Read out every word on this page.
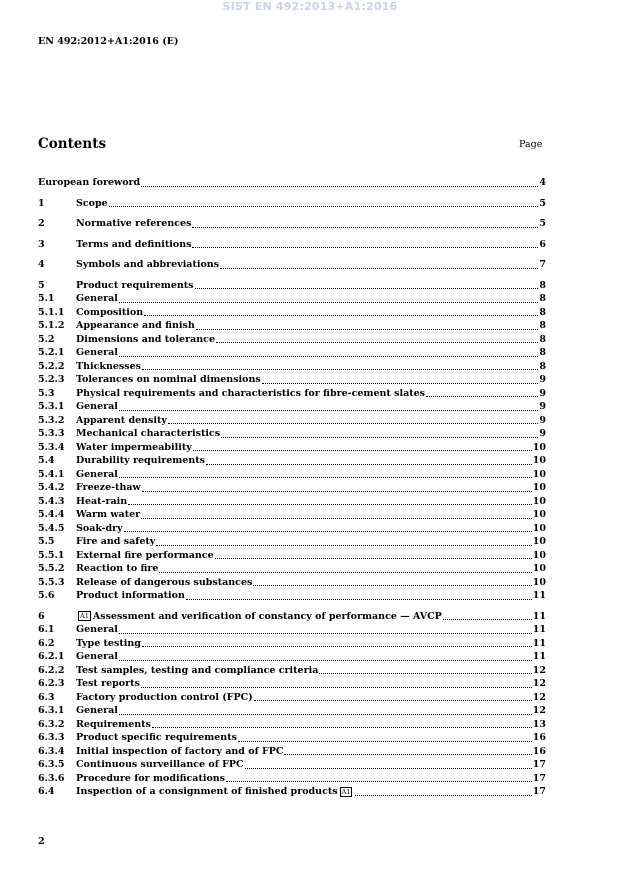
SIST EN 492:2013+A1:2016
EN 492:2012+A1:2016 (E)
Contents	Page
European foreword	4
1	Scope	5
2	Normative references	5
3	Terms and definitions	6
4	Symbols and abbreviations	7
5	Product requirements	8
5.1	General	8
5.1.1	Composition	8
5.1.2	Appearance and finish	8
5.2	Dimensions and tolerance	8
5.2.1	General	8
5.2.2	Thicknesses	8
5.2.3	Tolerances on nominal dimensions	9
5.3	Physical requirements and characteristics for fibre-cement slates	9
5.3.1	General	9
5.3.2	Apparent density	9
5.3.3	Mechanical characteristics	9
5.3.4	Water impermeability	10
5.4	Durability requirements	10
5.4.1	General	10
5.4.2	Freeze-thaw	10
5.4.3	Heat-rain	10
5.4.4	Warm water	10
5.4.5	Soak-dry	10
5.5	Fire and safety	10
5.5.1	External fire performance	10
5.5.2	Reaction to fire	10
5.5.3	Release of dangerous substances	10
5.6	Product information	11
6	A1 Assessment and verification of constancy of performance — AVCP	11
6.1	General	11
6.2	Type testing	11
6.2.1	General	11
6.2.2	Test samples, testing and compliance criteria	12
6.2.3	Test reports	12
6.3	Factory production control (FPC)	12
6.3.1	General	12
6.3.2	Requirements	13
6.3.3	Product specific requirements	16
6.3.4	Initial inspection of factory and of FPC	16
6.3.5	Continuous surveillance of FPC	17
6.3.6	Procedure for modifications	17
6.4	Inspection of a consignment of finished products A1	17
2
